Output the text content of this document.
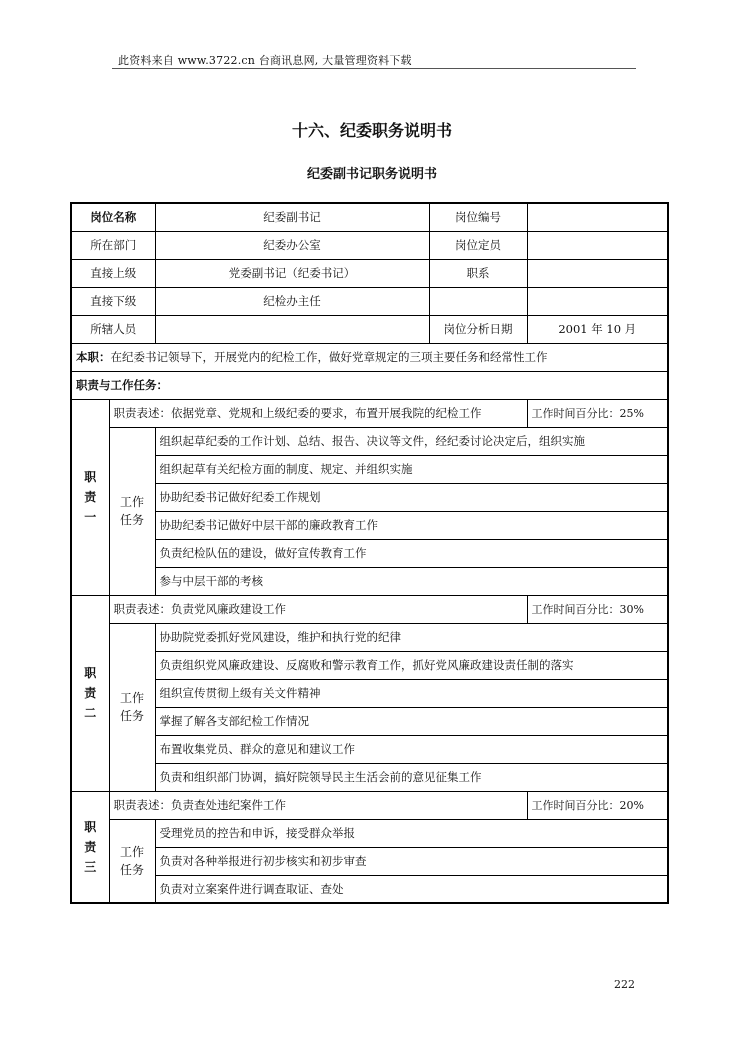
此资料来自 www.3722.cn 台商讯息网, 大量管理资料下载
十六、纪委职务说明书
纪委副书记职务说明书
岗位名称		纪委副书记	岗位编号	
所在部门		纪委办公室	岗位定员	
直接上级		党委副书记（纪委书记）	职系	
直接下级		纪检办主任		
所辖人员			岗位分析日期	2001 年 10 月
本职：在纪委书记领导下，开展党内的纪检工作，做好党章规定的三项主要任务和经常性工作				
职责与工作任务：				

职
责
一	职责表述：依据党章、党规和上级纪委的要求，布置开展我院的纪检工作			工作时间百分比：25%

	工作
任务	组织起草纪委的工作计划、总结、报告、决议等文件，经纪委讨论决定后，组织实施		
		组织起草有关纪检方面的制度、规定、并组织实施		
		协助纪委书记做好纪委工作规划		
		协助纪委书记做好中层干部的廉政教育工作		
		负责纪检队伍的建设，做好宣传教育工作		
		参与中层干部的考核		

职
责
二	职责表述：负责党风廉政建设工作			工作时间百分比：30%

	工作
任务	协助院党委抓好党风建设，维护和执行党的纪律		
		负责组织党风廉政建设、反腐败和警示教育工作，抓好党风廉政建设责任制的落实		
		组织宣传贯彻上级有关文件精神		
		掌握了解各支部纪检工作情况		
		布置收集党员、群众的意见和建议工作		
		负责和组织部门协调，搞好院领导民主生活会前的意见征集工作		

职
责
三	职责表述：负责查处违纪案件工作			工作时间百分比：20%

	工作
任务	受理党员的控告和申诉，接受群众举报		
		负责对各种举报进行初步核实和初步审查		
		负责对立案案件进行调查取证、查处		
222
